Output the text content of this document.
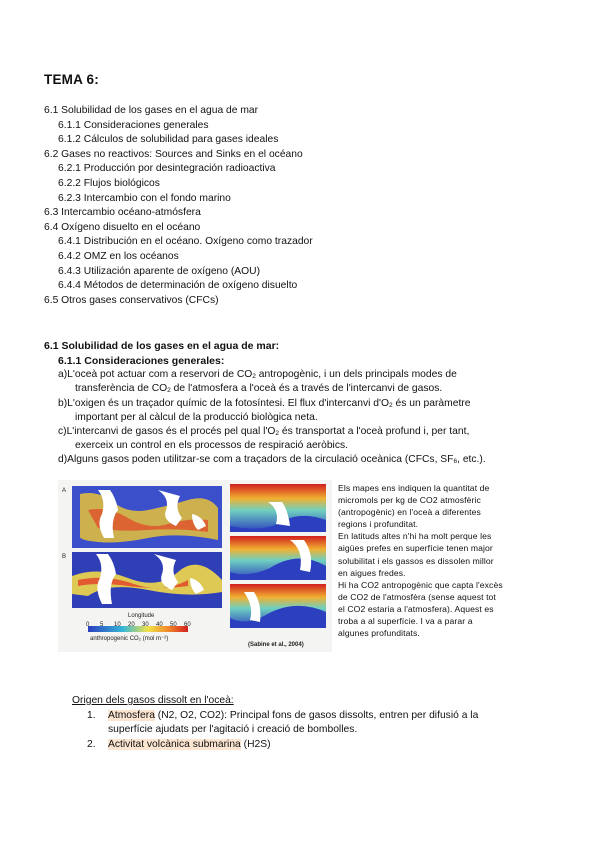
TEMA 6:
6.1 Solubilidad de los gases en el agua de mar
6.1.1 Consideraciones generales
6.1.2 Cálculos de solubilidad para gases ideales
6.2 Gases no reactivos: Sources and Sinks en el océano
6.2.1 Producción por desintegración radioactiva
6.2.2 Flujos biológicos
6.2.3 Intercambio con el fondo marino
6.3 Intercambio océano-atmósfera
6.4 Oxígeno disuelto en el océano
6.4.1 Distribución en el océano. Oxígeno como trazador
6.4.2 OMZ en los océanos
6.4.3 Utilización aparente de oxígeno (AOU)
6.4.4 Métodos de determinación de oxígeno disuelto
6.5 Otros gases conservativos (CFCs)
6.1 Solubilidad de los gases en el agua de mar:
6.1.1 Consideraciones generales:
a)L'oceà pot actuar com a reservori de $CO_2$ antropogènic, i un dels principals modes de
transferència de $CO_2$ de l'atmosfera a l'oceà és a través de l'intercanvi de gasos.
b)L'oxigen és un traçador químic de la fotosíntesi. El flux d'intercanvi $d'O_2$ és un paràmetre
important per al càlcul de la producció biològica neta.
c)L'intercanvi de gasos és el procés pel qual $l'O_2$ és transportat a l'oceà profund i, per tant,
exerceix un control en els processos de respiració aeròbics.
d)Alguns gasos poden utilitzar-se com a traçadors de la circulació oceànica (CFCs, $SF_6$, etc.).
A
B
Longitude
0 5 10 20 30 40 50 60
anthropogenic CO₂ (mol m⁻²)
(Sabine et al., 2004)
Els mapes ens indiquen la quantitat de
micromols per kg de CO2 atmosfèric
(antropogènic) en l'oceà a diferentes
regions i profunditat.
En latituds altes n'hi ha molt perque les
aigües prefes en superfície tenen major
solubilitat i els gassos es dissolen millor
en aigues fredes.
Hi ha CO2 antropogènic que capta l'excès
de CO2 de l'atmosfèra (sense aquest tot
el CO2 estaria a l'atmosfera). Aquest es
troba a al superfície. I va a parar a
algunes profunditats.
Origen dels gasos dissolt en l'oceà:
1. Atmosfera (N2, O2, CO2): Principal fons de gasos dissolts, entren per difusió a la
superfície ajudats per l'agitació i creació de bombolles.
2. Activitat volcànica submarina (H2S)
